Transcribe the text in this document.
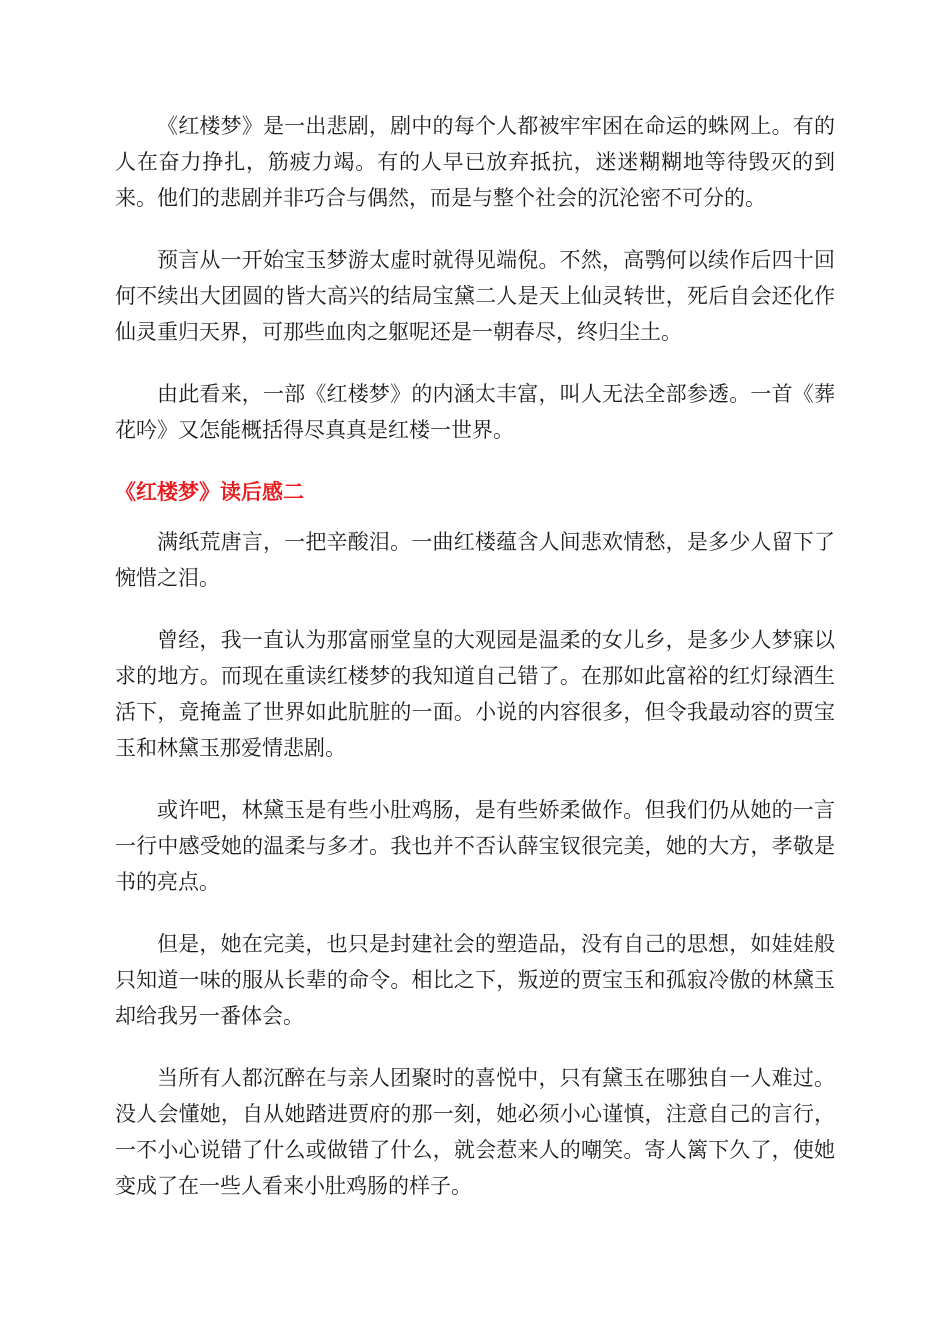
《红楼梦》是一出悲剧，剧中的每个人都被牢牢困在命运的蛛网上。有的人在奋力挣扎，筋疲力竭。有的人早已放弃抵抗，迷迷糊糊地等待毁灭的到来。他们的悲剧并非巧合与偶然，而是与整个社会的沉沦密不可分的。

预言从一开始宝玉梦游太虚时就得见端倪。不然，高鹗何以续作后四十回何不续出大团圆的皆大高兴的结局宝黛二人是天上仙灵转世，死后自会还化作仙灵重归天界，可那些血肉之躯呢还是一朝春尽，终归尘土。

由此看来，一部《红楼梦》的内涵太丰富，叫人无法全部参透。一首《葬花吟》又怎能概括得尽真真是红楼一世界。

《红楼梦》读后感二

满纸荒唐言，一把辛酸泪。一曲红楼蕴含人间悲欢情愁，是多少人留下了惋惜之泪。

曾经，我一直认为那富丽堂皇的大观园是温柔的女儿乡，是多少人梦寐以求的地方。而现在重读红楼梦的我知道自己错了。在那如此富裕的红灯绿酒生活下，竟掩盖了世界如此肮脏的一面。小说的内容很多，但令我最动容的贾宝玉和林黛玉那爱情悲剧。

或许吧，林黛玉是有些小肚鸡肠，是有些娇柔做作。但我们仍从她的一言一行中感受她的温柔与多才。我也并不否认薛宝钗很完美，她的大方，孝敬是书的亮点。

但是，她在完美，也只是封建社会的塑造品，没有自己的思想，如娃娃般只知道一味的服从长辈的命令。相比之下，叛逆的贾宝玉和孤寂冷傲的林黛玉却给我另一番体会。

当所有人都沉醉在与亲人团聚时的喜悦中，只有黛玉在哪独自一人难过。没人会懂她，自从她踏进贾府的那一刻，她必须小心谨慎，注意自己的言行，一不小心说错了什么或做错了什么，就会惹来人的嘲笑。寄人篱下久了，使她变成了在一些人看来小肚鸡肠的样子。
